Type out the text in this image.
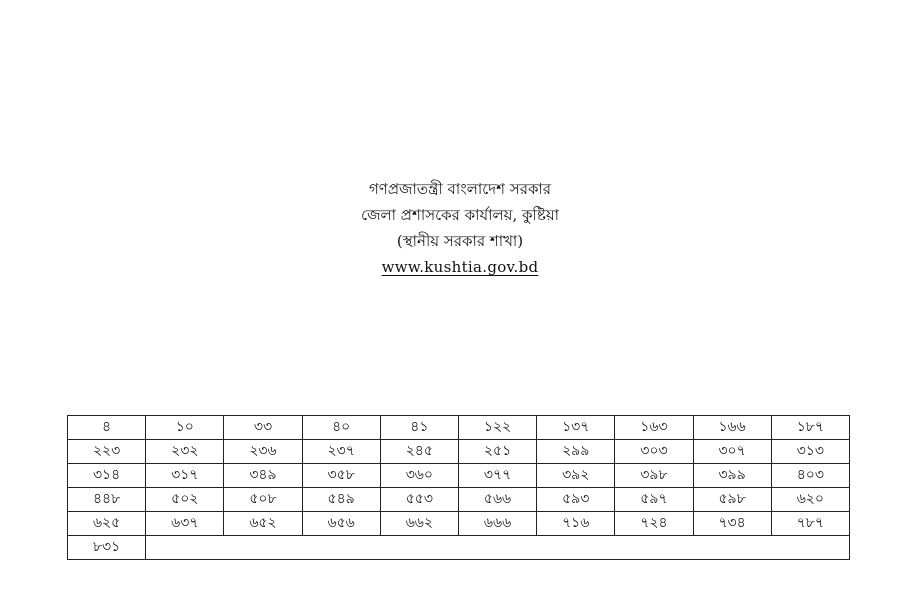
গণপ্রজাতন্ত্রী বাংলাদেশ সরকার
জেলা প্রশাসকের কার্যালয়, কুষ্টিয়া
(স্থানীয় সরকার শাখা)
www.kushtia.gov.bd
৪	১০	৩৩	৪০	৪১	১২২	১৩৭	১৬৩	১৬৬	১৮৭
২২৩	২৩২	২৩৬	২৩৭	২৪৫	২৫১	২৯৯	৩০৩	৩০৭	৩১৩
৩১৪	৩১৭	৩৪৯	৩৫৮	৩৬০	৩৭৭	৩৯২	৩৯৮	৩৯৯	৪০৩
৪৪৮	৫০২	৫০৮	৫৪৯	৫৫৩	৫৬৬	৫৯৩	৫৯৭	৫৯৮	৬২০
৬২৫	৬৩৭	৬৫২	৬৫৬	৬৬২	৬৬৬	৭১৬	৭২৪	৭৩৪	৭৮৭
৮৩১									
